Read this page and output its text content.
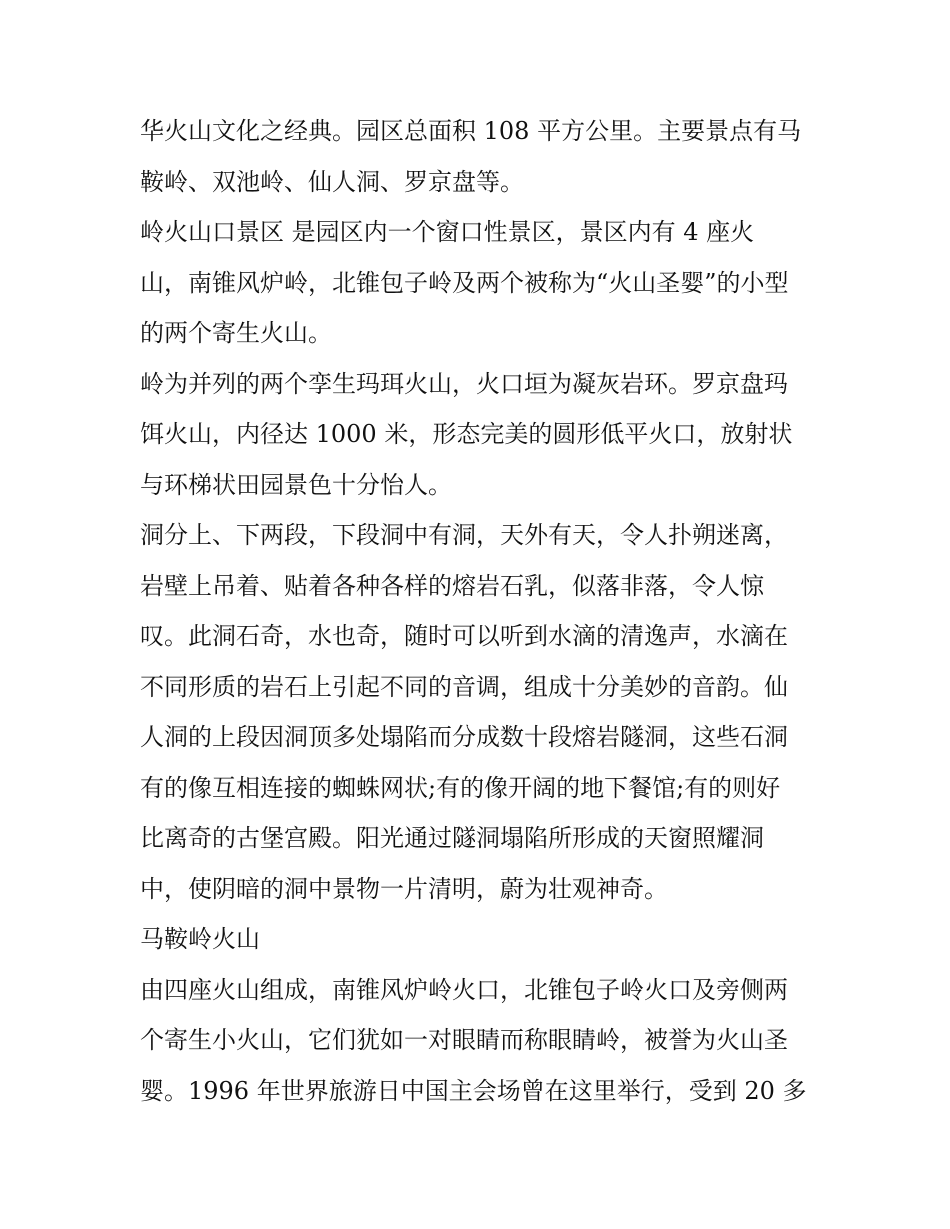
华火山文化之经典。园区总面积 108 平方公里。主要景点有马
鞍岭、双池岭、仙人洞、罗京盘等。
岭火山口景区 是园区内一个窗口性景区，景区内有 4 座火
山，南锥风炉岭，北锥包子岭及两个被称为“火山圣婴”的小型
的两个寄生火山。
岭为并列的两个孪生玛珥火山，火口垣为凝灰岩环。罗京盘玛
饵火山，内径达 1000 米，形态完美的圆形低平火口，放射状
与环梯状田园景色十分怡人。
洞分上、下两段，下段洞中有洞，天外有天，令人扑朔迷离，
岩壁上吊着、贴着各种各样的熔岩石乳，似落非落，令人惊
叹。此洞石奇，水也奇，随时可以听到水滴的清逸声，水滴在
不同形质的岩石上引起不同的音调，组成十分美妙的音韵。仙
人洞的上段因洞顶多处塌陷而分成数十段熔岩隧洞，这些石洞
有的像互相连接的蜘蛛网状;有的像开阔的地下餐馆;有的则好
比离奇的古堡宫殿。阳光通过隧洞塌陷所形成的天窗照耀洞
中，使阴暗的洞中景物一片清明，蔚为壮观神奇。
马鞍岭火山
由四座火山组成，南锥风炉岭火口，北锥包子岭火口及旁侧两
个寄生小火山，它们犹如一对眼睛而称眼睛岭，被誉为火山圣
婴。1996 年世界旅游日中国主会场曾在这里举行，受到 20 多
